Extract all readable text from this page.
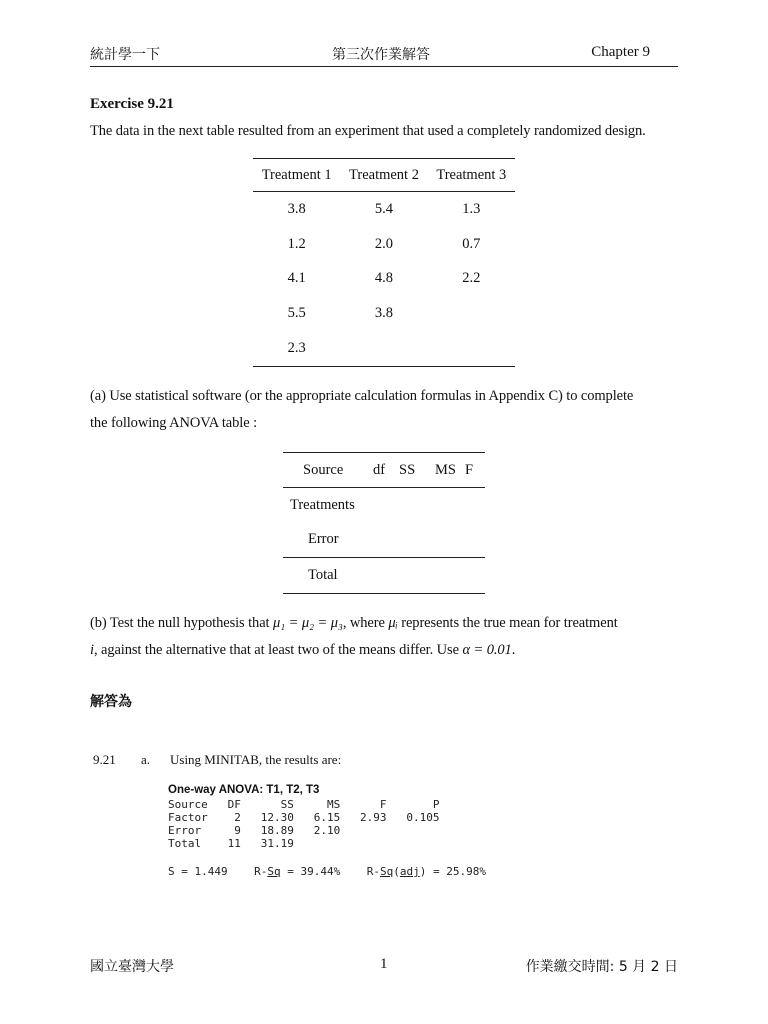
統計學一下	第三次作業解答	Chapter 9
Exercise 9.21
The data in the next table resulted from an experiment that used a completely randomized design.
Treatment 1	Treatment 2	Treatment 3
3.8	5.4	1.3
1.2	2.0	0.7
4.1	4.8	2.2
5.5	3.8	
2.3		
(a) Use statistical software (or the appropriate calculation formulas in Appendix C) to complete
the following ANOVA table :
Source	df	SS	MS	F
Treatments				
Error				
Total				
(b) Test the null hypothesis that μ₁ = μ₂ = μ₃, where μᵢ represents the true mean for treatment
i, against the alternative that at least two of the means differ. Use α = 0.01.
解答為
9.21 a. Using MINITAB, the results are:
One-way ANOVA: T1, T2, T3
Source   DF      SS     MS      F       P
Factor    2   12.30   6.15   2.93   0.105
Error     9   18.89   2.10
Total    11   31.19
S = 1.449 R-Sq = 39.44% R-Sq(adj) = 25.98%
國立臺灣大學	1	作業繳交時間: 5 月 2 日
